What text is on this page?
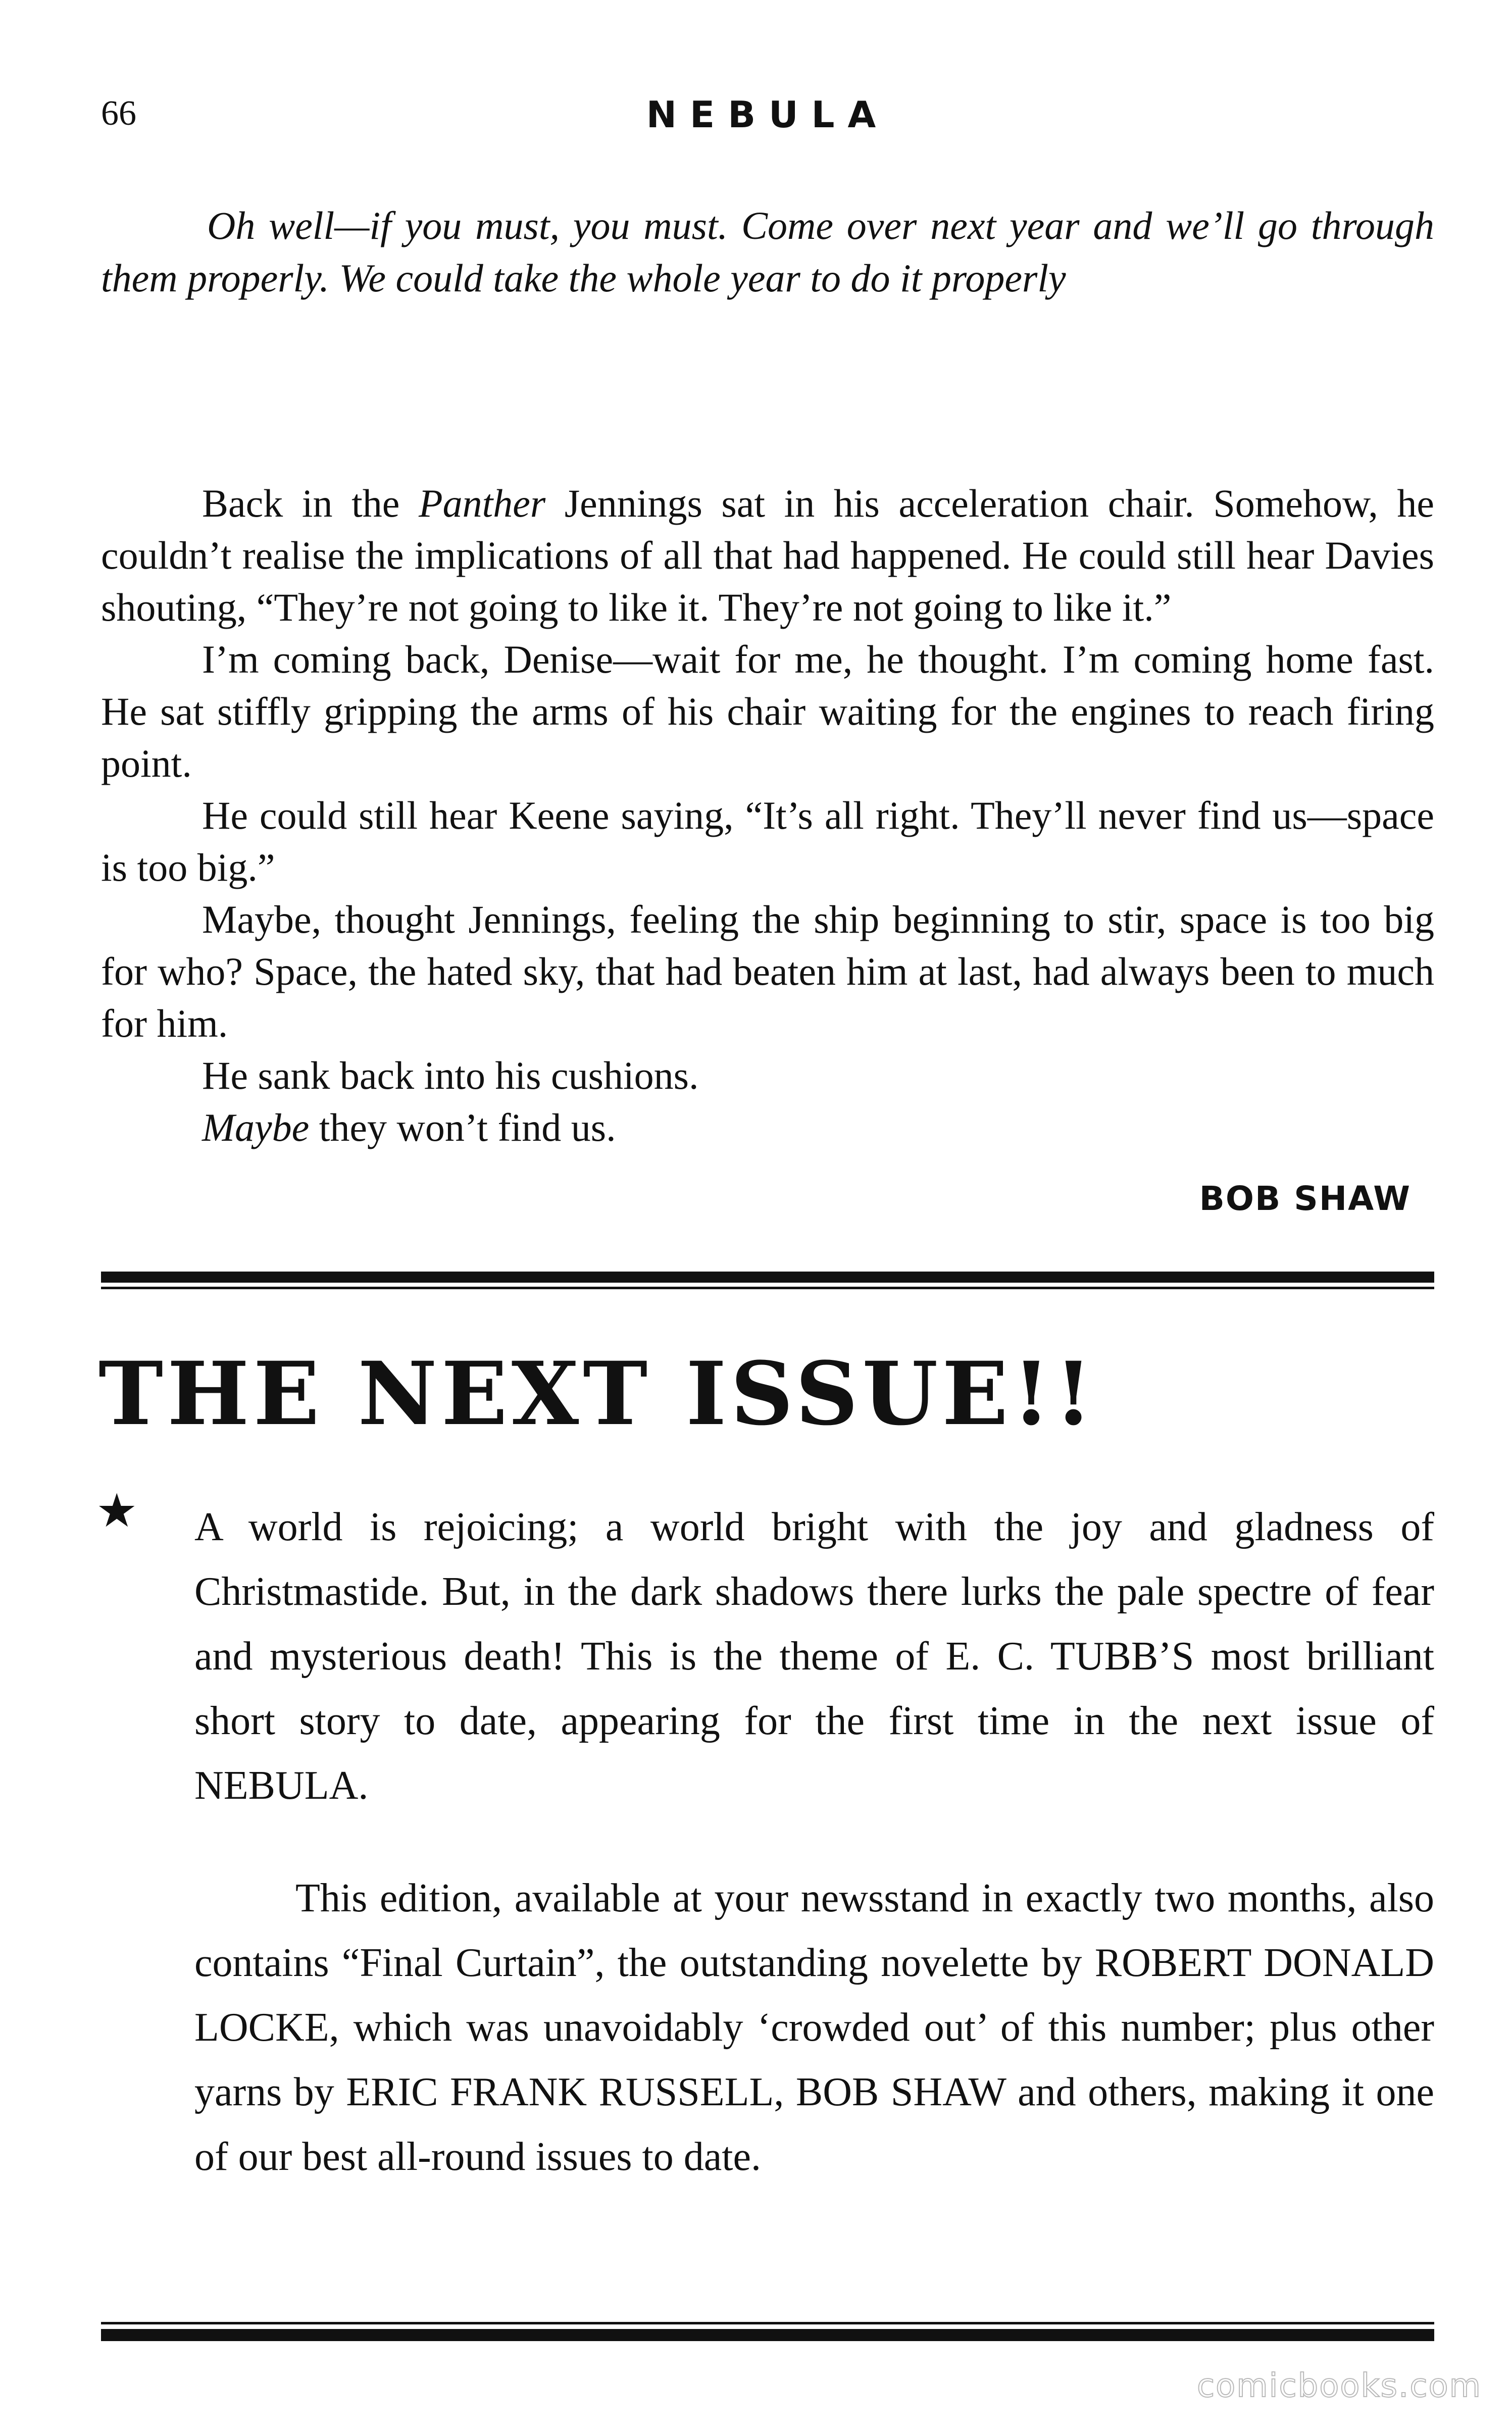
66	NEBULA

Oh well—if you must, you must. Come over next year and we’ll go through them properly. We could take the whole year to do it properly

Back in the Panther Jennings sat in his acceleration chair. Somehow, he couldn’t realise the implications of all that had happened. He could still hear Davies shouting, “They’re not going to like it. They’re not going to like it.”

I’m coming back, Denise—wait for me, he thought. I’m coming home fast. He sat stiffly gripping the arms of his chair waiting for the engines to reach firing point.

He could still hear Keene saying, “It’s all right. They’ll never find us—space is too big.”

Maybe, thought Jennings, feeling the ship beginning to stir, space is too big for who? Space, the hated sky, that had beaten him at last, had always been to much for him.

He sank back into his cushions.

Maybe they won’t find us.

BOB SHAW
THE NEXT ISSUE!!
★ A world is rejoicing; a world bright with the joy and gladness of Christmastide. But, in the dark shadows there lurks the pale spectre of fear and mysterious death! This is the theme of E. C. TUBB’S most brilliant short story to date, appearing for the first time in the next issue of NEBULA.

This edition, available at your newsstand in exactly two months, also contains “Final Curtain”, the outstanding novelette by ROBERT DONALD LOCKE, which was unavoidably ‘crowded out’ of this number; plus other yarns by ERIC FRANK RUSSELL, BOB SHAW and others, making it one of our best all-round issues to date.

comicbooks.com
